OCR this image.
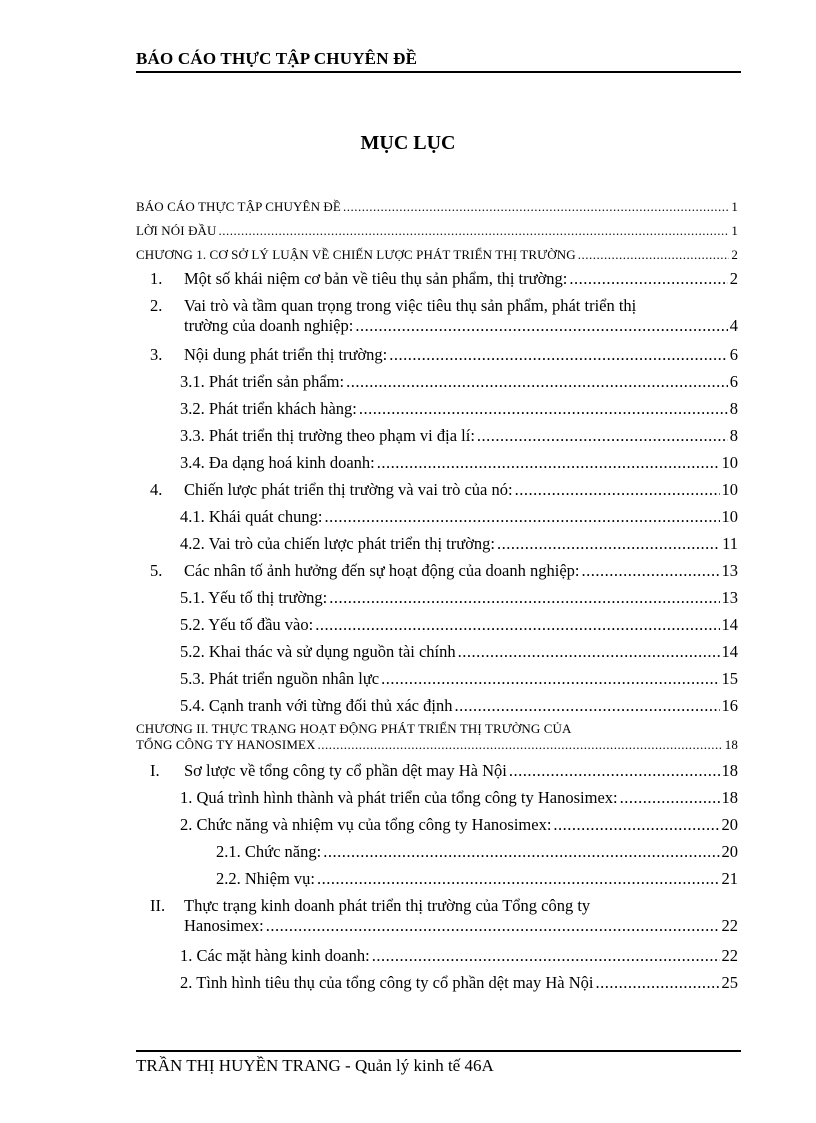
BÁO CÁO THỰC TẬP CHUYÊN ĐỀ
MỤC LỤC
BÁO CÁO THỰC TẬP CHUYÊN ĐỀ .....	1
LỜI NÓI ĐẦU .....	1
CHƯƠNG 1. CƠ SỞ LÝ LUẬN VỀ CHIẾN LƯỢC PHÁT TRIỂN THỊ TRƯỜNG .....	2
1.	Một số khái niệm cơ bản về tiêu thụ sản phẩm, thị trường: .....	2
2.	Vai trò và tầm quan trọng trong việc tiêu thụ sản phẩm, phát triển thị
trường của doanh nghiệp: .....	4
3.	Nội dung phát triển thị trường: .....	6
3.1. Phát triển sản phẩm: .....	6
3.2. Phát triển khách hàng: .....	8
3.3. Phát triển thị trường theo phạm vi địa lí: .....	8
3.4. Đa dạng hoá kinh doanh: .....	10
4.	Chiến lược phát triển thị trường và vai trò của nó: .....	10
4.1. Khái quát chung: .....	10
4.2. Vai trò của chiến lược phát triển thị trường: .....	11
5.	Các nhân tố ảnh hưởng đến sự hoạt động của doanh nghiệp: .....	13
5.1. Yếu tố thị trường: .....	13
5.2. Yếu tố đầu vào: .....	14
5.2. Khai thác và sử dụng nguồn tài chính .....	14
5.3. Phát triển nguồn nhân lực .....	15
5.4. Cạnh tranh với từng đối thủ xác định .....	16
CHƯƠNG II. THỰC TRẠNG HOẠT ĐỘNG PHÁT TRIỂN THỊ TRƯỜNG CỦA
TỔNG CÔNG TY HANOSIMEX .....	18
I.	Sơ lược về tổng công ty cổ phần dệt may Hà Nội .....	18
1. Quá trình hình thành và phát triển của tổng công ty Hanosimex: .....	18
2. Chức năng và nhiệm vụ của tổng công ty Hanosimex: .....	20
2.1. Chức năng: .....	20
2.2. Nhiệm vụ: .....	21
II.	Thực trạng kinh doanh phát triển thị trường của Tổng công ty
Hanosimex: .....	22
1. Các mặt hàng kinh doanh: .....	22
2. Tình hình tiêu thụ của tổng công ty cổ phần dệt may Hà Nội .....	25
TRẦN THỊ HUYỀN TRANG - Quản lý kinh tế 46A
